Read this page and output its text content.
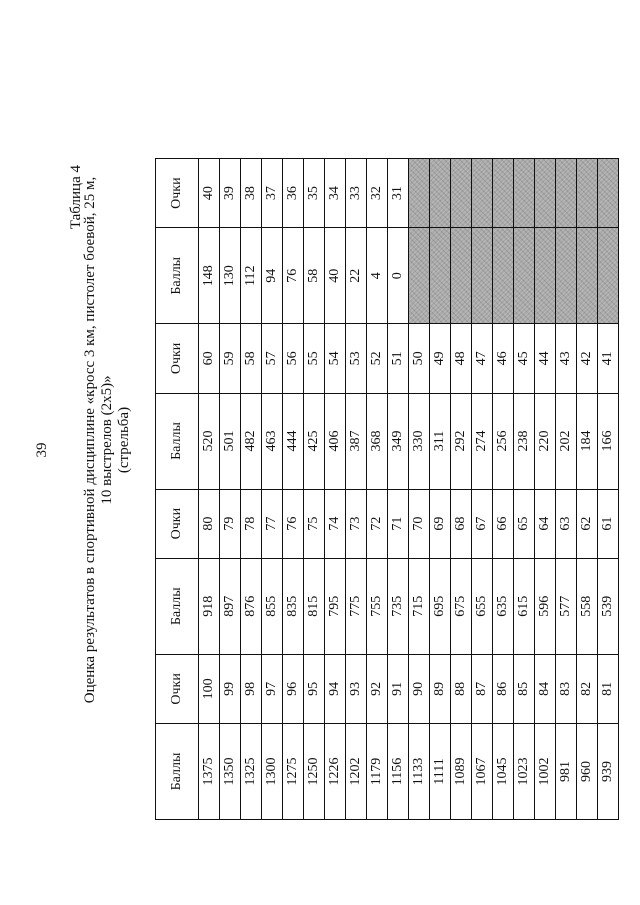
39
Таблица 4
Оценка результатов в спортивной дисциплине «кросс 3 км, пистолет боевой, 25 м, 10 выстрелов (2х5)» (стрельба)
Баллы	Очки	Баллы	Очки	Баллы	Очки	Баллы	Очки
1375	100	918	80	520	60	148	40
1350	99	897	79	501	59	130	39
1325	98	876	78	482	58	112	38
1300	97	855	77	463	57	94	37
1275	96	835	76	444	56	76	36
1250	95	815	75	425	55	58	35
1226	94	795	74	406	54	40	34
1202	93	775	73	387	53	22	33
1179	92	755	72	368	52	4	32
1156	91	735	71	349	51	0	31
1133	90	715	70	330	50		
1111	89	695	69	311	49		
1089	88	675	68	292	48		
1067	87	655	67	274	47		
1045	86	635	66	256	46		
1023	85	615	65	238	45		
1002	84	596	64	220	44		
981	83	577	63	202	43		
960	82	558	62	184	42		
939	81	539	61	166	41		
